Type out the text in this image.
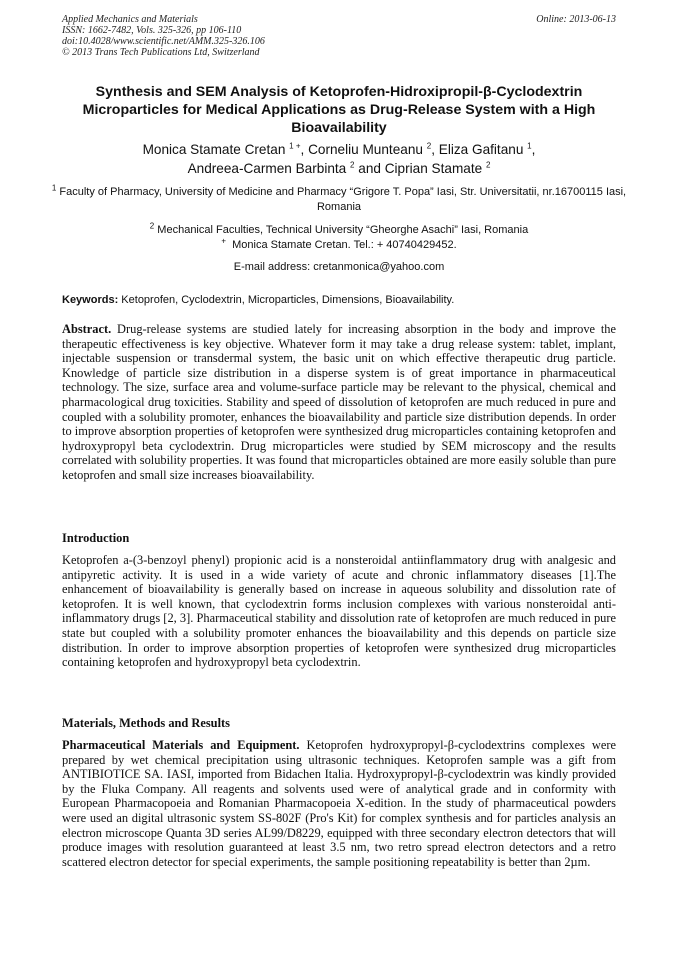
Applied Mechanics and Materials
ISSN: 1662-7482, Vols. 325-326, pp 106-110
doi:10.4028/www.scientific.net/AMM.325-326.106
© 2013 Trans Tech Publications Ltd, Switzerland
Online: 2013-06-13
Synthesis and SEM Analysis of Ketoprofen-Hidroxipropil-β-Cyclodextrin Microparticles for Medical Applications as Drug-Release System with a High Bioavailability
Monica Stamate Cretan $^{1 +}$, Corneliu Munteanu $^2$, Eliza Gafitanu $^1$,
Andreea-Carmen Barbinta $^2$ and Ciprian Stamate $^2$
$^1$ Faculty of Pharmacy, University of Medicine and Pharmacy “Grigore T. Popa” Iasi, Str. Universitatii, nr.16700115 Iasi, Romania
$^2$ Mechanical Faculties, Technical University “Gheorghe Asachi” Iasi, Romania
+ Monica Stamate Cretan. Tel.: + 40740429452.
E-mail address: cretanmonica@yahoo.com
Keywords: Ketoprofen, Cyclodextrin, Microparticles, Dimensions, Bioavailability.
Abstract. Drug-release systems are studied lately for increasing absorption in the body and improve the therapeutic effectiveness is key objective. Whatever form it may take a drug release system: tablet, implant, injectable suspension or transdermal system, the basic unit on which effective therapeutic drug particle. Knowledge of particle size distribution in a disperse system is of great importance in pharmaceutical technology. The size, surface area and volume-surface particle may be relevant to the physical, chemical and pharmacological drug toxicities. Stability and speed of dissolution of ketoprofen are much reduced in pure and coupled with a solubility promoter, enhances the bioavailability and particle size distribution depends. In order to improve absorption properties of ketoprofen were synthesized drug microparticles containing ketoprofen and hydroxypropyl beta cyclodextrin. Drug microparticles were studied by SEM microscopy and the results correlated with solubility properties. It was found that microparticles obtained are more easily soluble than pure ketoprofen and small size increases bioavailability.
Introduction
Ketoprofen a-(3-benzoyl phenyl) propionic acid is a nonsteroidal antiinflammatory drug with analgesic and antipyretic activity. It is used in a wide variety of acute and chronic inflammatory diseases [1].The enhancement of bioavailability is generally based on increase in aqueous solubility and dissolution rate of ketoprofen. It is well known, that cyclodextrin forms inclusion complexes with various nonsteroidal anti-inflammatory drugs [2, 3]. Pharmaceutical stability and dissolution rate of ketoprofen are much reduced in pure state but coupled with a solubility promoter enhances the bioavailability and this depends on particle size distribution. In order to improve absorption properties of ketoprofen were synthesized drug microparticles containing ketoprofen and hydroxypropyl beta cyclodextrin.
Materials, Methods and Results
Pharmaceutical Materials and Equipment. Ketoprofen hydroxypropyl-β-cyclodextrins complexes were prepared by wet chemical precipitation using ultrasonic techniques. Ketoprofen sample was a gift from ANTIBIOTICE SA. IASI, imported from Bidachen Italia. Hydroxypropyl-β-cyclodextrin was kindly provided by the Fluka Company. All reagents and solvents used were of analytical grade and in conformity with European Pharmacopoeia and Romanian Pharmacopoeia X-edition. In the study of pharmaceutical powders were used an digital ultrasonic system SS-802F (Pro's Kit) for complex synthesis and for particles analysis an electron microscope Quanta 3D series AL99/D8229, equipped with three secondary electron detectors that will produce images with resolution guaranteed at least 3.5 nm, two retro spread electron detectors and a retro scattered electron detector for special experiments, the sample positioning repeatability is better than 2µm.
